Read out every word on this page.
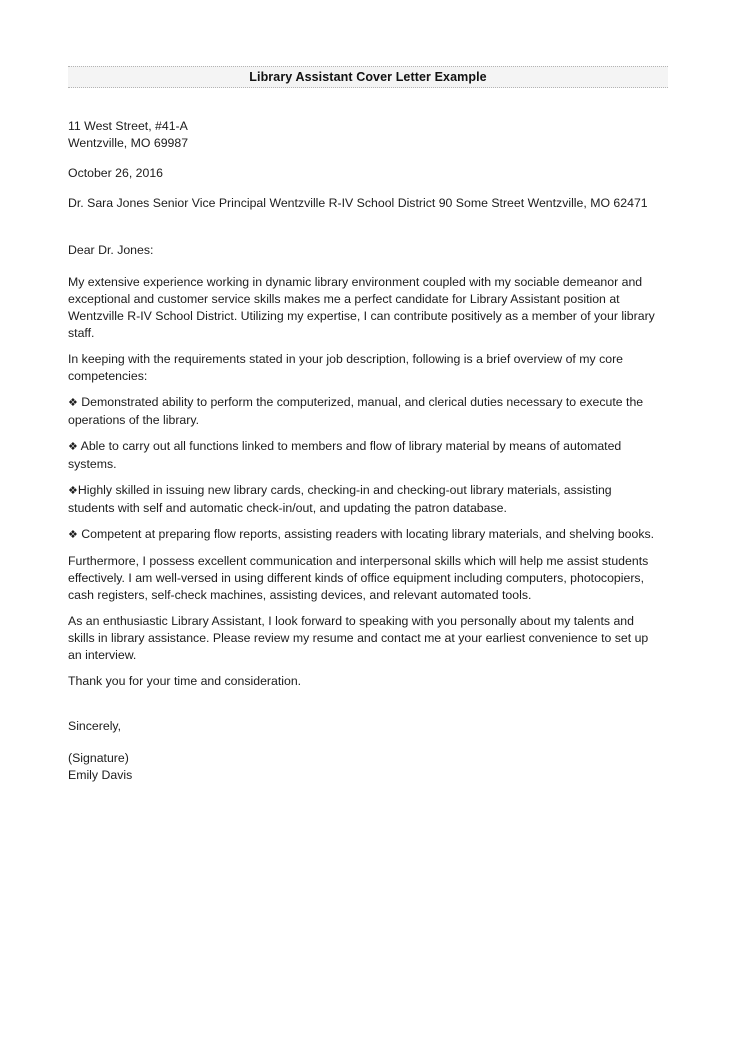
Library Assistant Cover Letter Example
11 West Street, #41-A
Wentzville, MO 69987
October 26, 2016
Dr. Sara Jones Senior Vice Principal Wentzville R-IV School District 90 Some Street Wentzville, MO 62471
Dear Dr. Jones:

My extensive experience working in dynamic library environment coupled with my sociable demeanor and exceptional and customer service skills makes me a perfect candidate for Library Assistant position at Wentzville R-IV School District. Utilizing my expertise, I can contribute positively as a member of your library staff.

In keeping with the requirements stated in your job description, following is a brief overview of my core competencies:

❖ Demonstrated ability to perform the computerized, manual, and clerical duties necessary to execute the operations of the library.

❖ Able to carry out all functions linked to members and flow of library material by means of automated systems.

❖Highly skilled in issuing new library cards, checking-in and checking-out library materials, assisting students with self and automatic check-in/out, and updating the patron database.

❖ Competent at preparing flow reports, assisting readers with locating library materials, and shelving books.

Furthermore, I possess excellent communication and interpersonal skills which will help me assist students effectively. I am well-versed in using different kinds of office equipment including computers, photocopiers, cash registers, self-check machines, assisting devices, and relevant automated tools.

As an enthusiastic Library Assistant, I look forward to speaking with you personally about my talents and skills in library assistance. Please review my resume and contact me at your earliest convenience to set up an interview.

Thank you for your time and consideration.

Sincerely,
(Signature)
Emily Davis
